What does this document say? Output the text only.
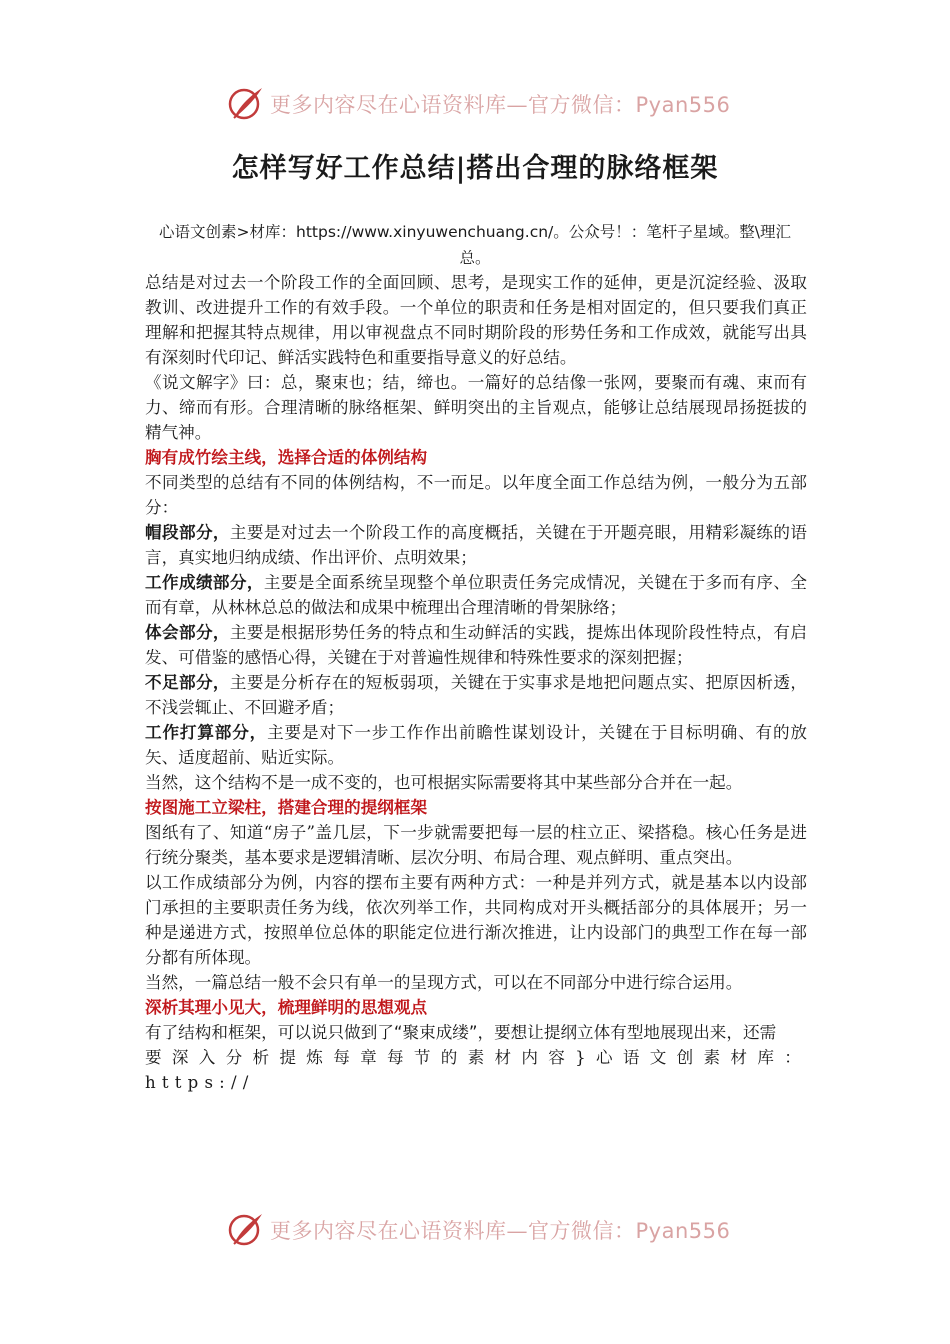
更多内容尽在心语资料库—官方微信：Pyan556
怎样写好工作总结|搭出合理的脉络框架

心语文创素>材库：https://www.xinyuwenchuang.cn/。公众号！：笔杆子星域。整\理汇总。

总结是对过去一个阶段工作的全面回顾、思考，是现实工作的延伸，更是沉淀经验、汲取教训、改进提升工作的有效手段。一个单位的职责和任务是相对固定的，但只要我们真正理解和把握其特点规律，用以审视盘点不同时期阶段的形势任务和工作成效，就能写出具有深刻时代印记、鲜活实践特色和重要指导意义的好总结。

《说文解字》曰：总，聚束也；结，缔也。一篇好的总结像一张网，要聚而有魂、束而有力、缔而有形。合理清晰的脉络框架、鲜明突出的主旨观点，能够让总结展现昂扬挺拔的精气神。

胸有成竹绘主线，选择合适的体例结构

不同类型的总结有不同的体例结构，不一而足。以年度全面工作总结为例，一般分为五部分：

帽段部分，主要是对过去一个阶段工作的高度概括，关键在于开题亮眼，用精彩凝练的语言，真实地归纳成绩、作出评价、点明效果；

工作成绩部分，主要是全面系统呈现整个单位职责任务完成情况，关键在于多而有序、全而有章，从林林总总的做法和成果中梳理出合理清晰的骨架脉络；

体会部分，主要是根据形势任务的特点和生动鲜活的实践，提炼出体现阶段性特点，有启发、可借鉴的感悟心得，关键在于对普遍性规律和特殊性要求的深刻把握；

不足部分，主要是分析存在的短板弱项，关键在于实事求是地把问题点实、把原因析透，不浅尝辄止、不回避矛盾；

工作打算部分，主要是对下一步工作作出前瞻性谋划设计，关键在于目标明确、有的放矢、适度超前、贴近实际。

当然，这个结构不是一成不变的，也可根据实际需要将其中某些部分合并在一起。

按图施工立梁柱，搭建合理的提纲框架

图纸有了、知道“房子”盖几层，下一步就需要把每一层的柱立正、梁搭稳。核心任务是进行统分聚类，基本要求是逻辑清晰、层次分明、布局合理、观点鲜明、重点突出。

以工作成绩部分为例，内容的摆布主要有两种方式：一种是并列方式，就是基本以内设部门承担的主要职责任务为线，依次列举工作，共同构成对开头概括部分的具体展开；另一种是递进方式，按照单位总体的职能定位进行渐次推进，让内设部门的典型工作在每一部分都有所体现。

当然，一篇总结一般不会只有单一的呈现方式，可以在不同部分中进行综合运用。

深析其理小见大，梳理鲜明的思想观点

有了结构和框架，可以说只做到了“聚束成缕”，要想让提纲立体有型地展现出来，还需

要深入分析提炼每章每节的素材内容}心语文创素材库：https://

更多内容尽在心语资料库—官方微信：Pyan556
